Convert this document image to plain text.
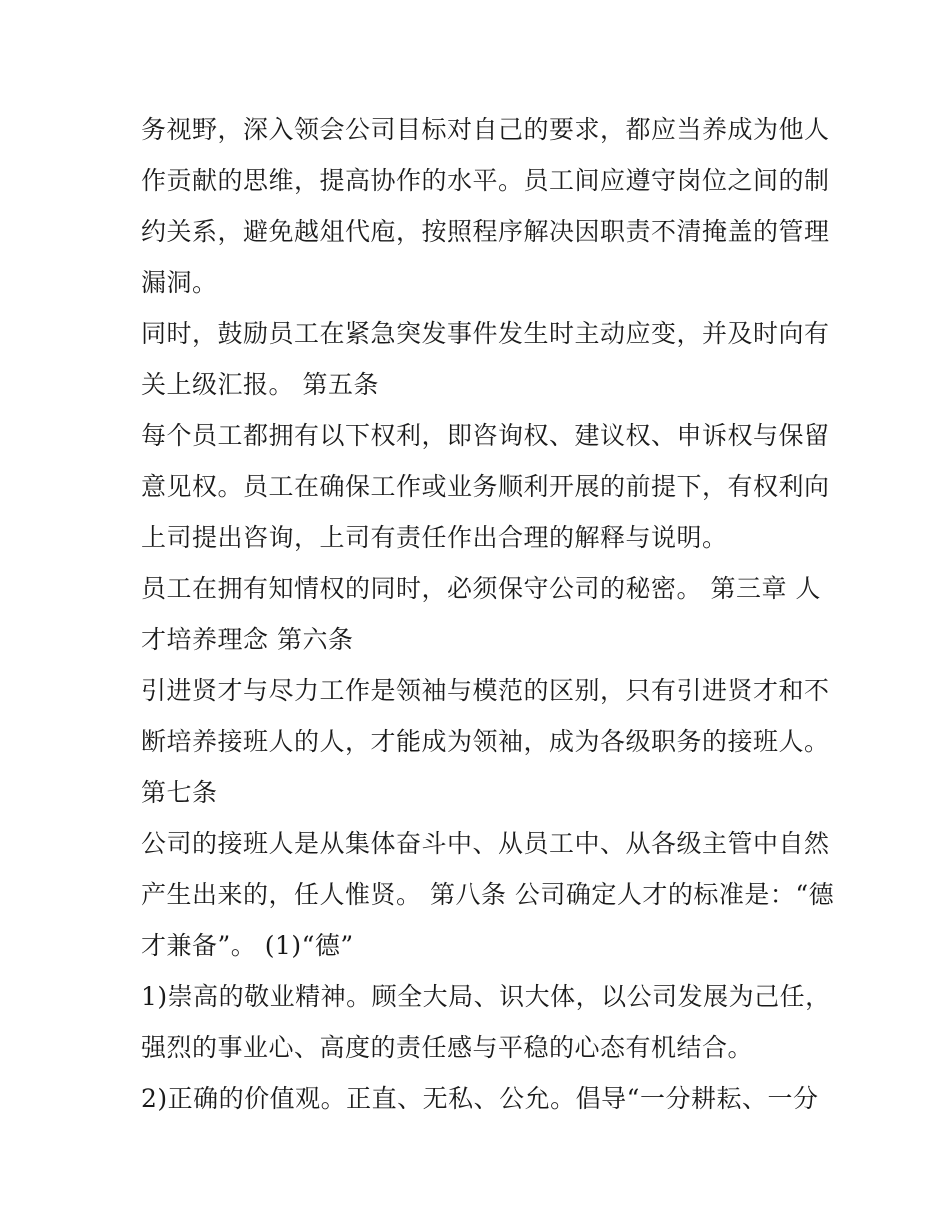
务视野，深入领会公司目标对自己的要求，都应当养成为他人
作贡献的思维，提高协作的水平。员工间应遵守岗位之间的制
约关系，避免越俎代庖，按照程序解决因职责不清掩盖的管理
漏洞。
同时，鼓励员工在紧急突发事件发生时主动应变，并及时向有
关上级汇报。 第五条
每个员工都拥有以下权利，即咨询权、建议权、申诉权与保留
意见权。员工在确保工作或业务顺利开展的前提下，有权利向
上司提出咨询，上司有责任作出合理的解释与说明。
员工在拥有知情权的同时，必须保守公司的秘密。 第三章 人
才培养理念 第六条
引进贤才与尽力工作是领袖与模范的区别，只有引进贤才和不
断培养接班人的人，才能成为领袖，成为各级职务的接班人。
第七条
公司的接班人是从集体奋斗中、从员工中、从各级主管中自然
产生出来的，任人惟贤。 第八条 公司确定人才的标准是：“德
才兼备”。 (1)“德”
1)崇高的敬业精神。顾全大局、识大体，以公司发展为己任，
强烈的事业心、高度的责任感与平稳的心态有机结合。
2)正确的价值观。正直、无私、公允。倡导“一分耕耘、一分
